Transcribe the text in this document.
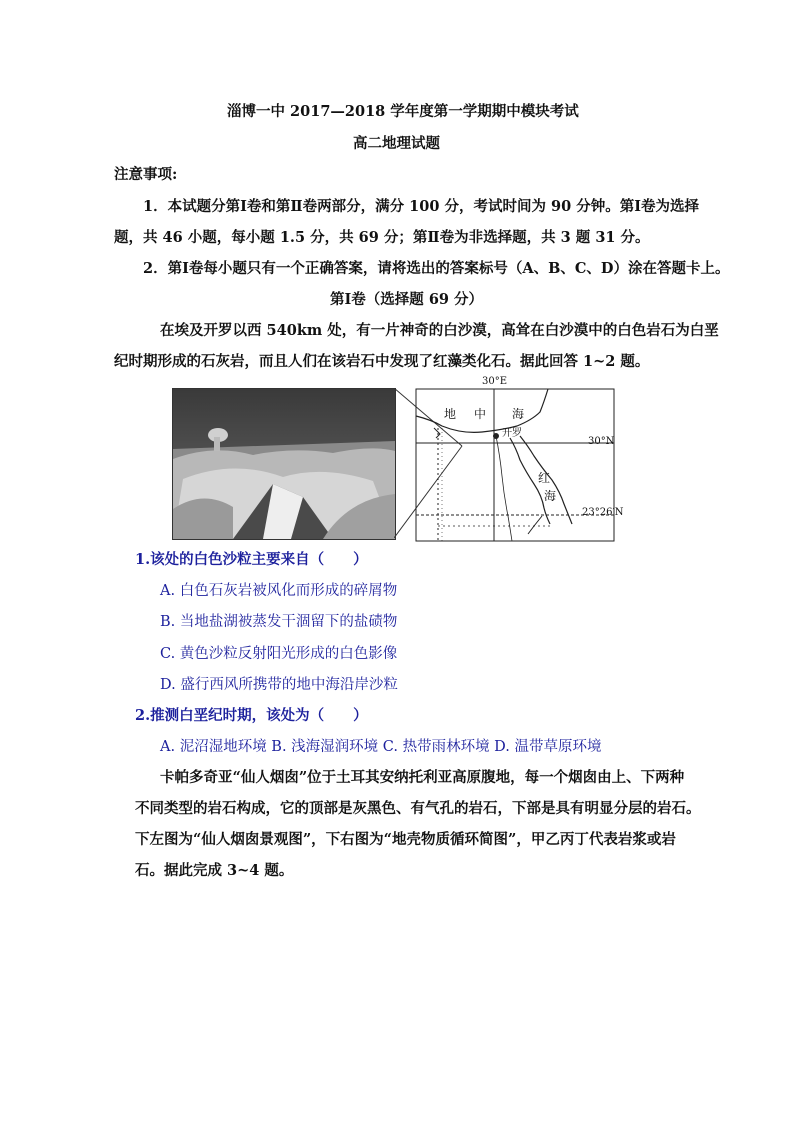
淄博一中 2017—2018 学年度第一学期期中模块考试
高二地理试题
注意事项:
1．本试题分第Ⅰ卷和第Ⅱ卷两部分，满分 100 分，考试时间为 90 分钟。第Ⅰ卷为选择
题，共 46 小题，每小题 1.5 分，共 69 分；第Ⅱ卷为非选择题，共 3 题 31 分。
2．第Ⅰ卷每小题只有一个正确答案，请将选出的答案标号（A、B、C、D）涂在答题卡上。
第Ⅰ卷（选择题 69 分）
在埃及开罗以西 540km 处，有一片神奇的白沙漠，高耸在白沙漠中的白色岩石为白垩
纪时期形成的石灰岩，而且人们在该岩石中发现了红藻类化石。据此回答 1~2 题。
30°E
地 中 海
开罗
30°N
红
海
23°26′N
1.该处的白色沙粒主要来自（　　）
A. 白色石灰岩被风化而形成的碎屑物
B. 当地盐湖被蒸发干涸留下的盐碛物
C. 黄色沙粒反射阳光形成的白色影像
D. 盛行西风所携带的地中海沿岸沙粒
2.推测白垩纪时期，该处为（　　）
A. 泥沼湿地环境 B. 浅海湿润环境 C. 热带雨林环境 D. 温带草原环境
卡帕多奇亚“仙人烟囱”位于土耳其安纳托利亚高原腹地，每一个烟囱由上、下两种
不同类型的岩石构成，它的顶部是灰黑色、有气孔的岩石，下部是具有明显分层的岩石。
下左图为“仙人烟囱景观图”，下右图为“地壳物质循环简图”，甲乙丙丁代表岩浆或岩
石。据此完成 3~4 题。
